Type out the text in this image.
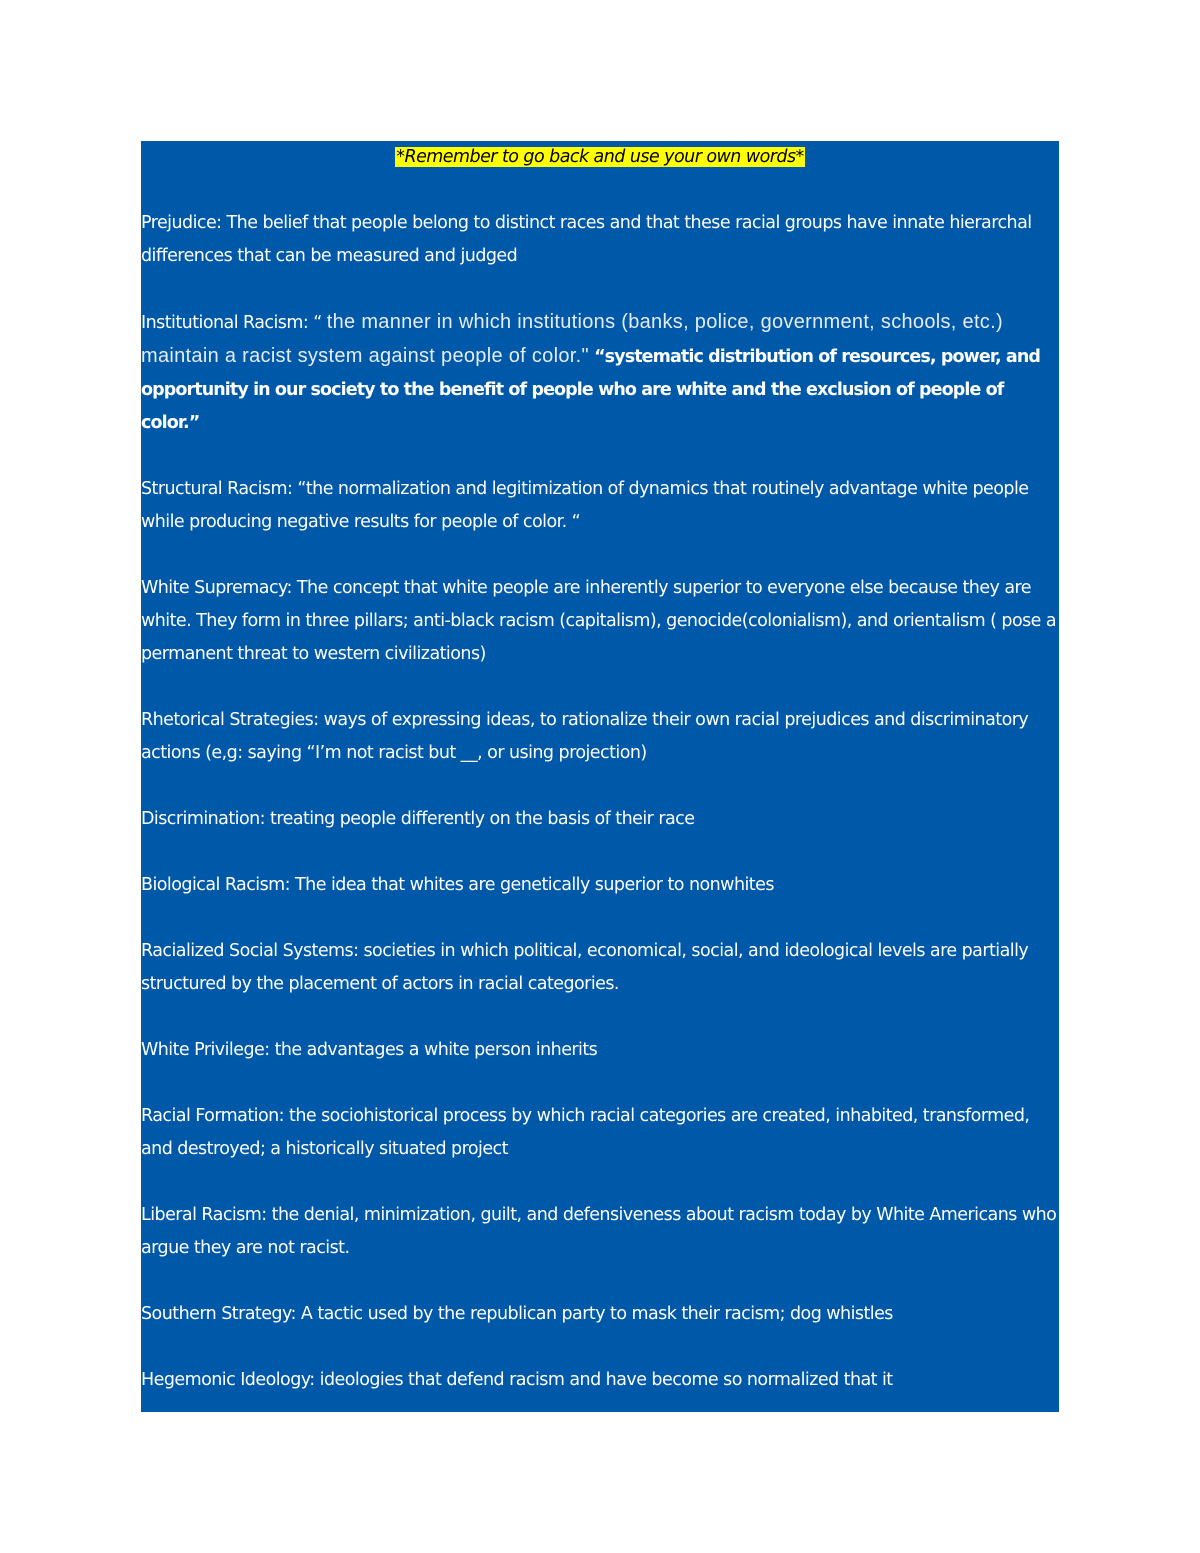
*Remember to go back and use your own words*

Prejudice: The belief that people belong to distinct races and that these racial groups have innate hierarchal differences that can be measured and judged

Institutional Racism: “ the manner in which institutions (banks, police, government, schools, etc.) maintain a racist system against people of color." “systematic distribution of resources, power, and opportunity in our society to the benefit of people who are white and the exclusion of people of color.”

Structural Racism: “the normalization and legitimization of dynamics that routinely advantage white people while producing negative results for people of color. “

White Supremacy: The concept that white people are inherently superior to everyone else because they are white. They form in three pillars; anti-black racism (capitalism), genocide(colonialism), and orientalism ( pose a permanent threat to western civilizations)

Rhetorical Strategies: ways of expressing ideas, to rationalize their own racial prejudices and discriminatory actions (e,g: saying “I’m not racist but __, or using projection)

Discrimination: treating people differently on the basis of their race

Biological Racism: The idea that whites are genetically superior to nonwhites

Racialized Social Systems: societies in which political, economical, social, and ideological levels are partially structured by the placement of actors in racial categories.

White Privilege: the advantages a white person inherits

Racial Formation: the sociohistorical process by which racial categories are created, inhabited, transformed, and destroyed; a historically situated project

Liberal Racism: the denial, minimization, guilt, and defensiveness about racism today by White Americans who argue they are not racist.

Southern Strategy: A tactic used by the republican party to mask their racism; dog whistles

Hegemonic Ideology: ideologies that defend racism and have become so normalized that it
